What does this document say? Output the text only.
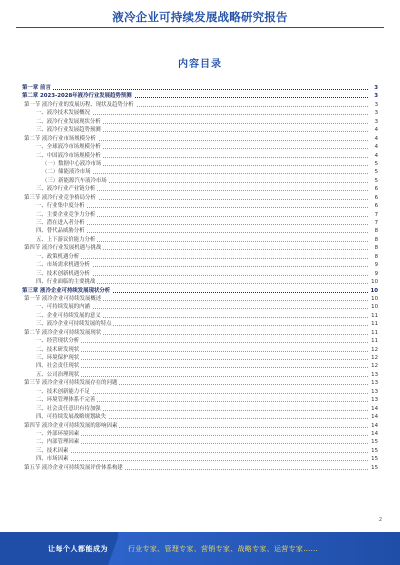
液冷企业可持续发展战略研究报告
内容目录
第一章 前言	3
第二章 2023-2028年液冷行业发展趋势预测	3
第一节 液冷行业的发展历程、现状及趋势分析	3
一、液冷技术发展概况	3
二、液冷行业发展现状分析	3
三、液冷行业发展趋势预测	4
第二节 液冷行业市场规模分析	4
一、全球液冷市场规模分析	4
二、中国液冷市场规模分析	4
（一）数据中心液冷市场	5
（二）储能液冷市场	5
（三）新能源汽车液冷市场	5
三、液冷行业产业链分析	6
第三节 液冷行业竞争格局分析	6
一、行业集中度分析	6
二、主要企业竞争力分析	7
三、潜在进入者分析	7
四、替代品威胁分析	8
五、上下游议价能力分析	8
第四节 液冷行业发展机遇与挑战	8
一、政策机遇分析	8
二、市场需求机遇分析	9
三、技术创新机遇分析	9
四、行业面临的主要挑战	10
第三章 液冷企业可持续发展现状分析	10
第一节 液冷企业可持续发展概述	10
一、可持续发展的内涵	10
二、企业可持续发展的意义	11
三、液冷企业可持续发展的特点	11
第二节 液冷企业可持续发展现状	11
一、经营现状分析	11
二、技术研发现状	12
三、环境保护现状	12
四、社会责任现状	12
五、公司治理现状	13
第三节 液冷企业可持续发展存在的问题	13
一、技术创新能力不足	13
二、环境管理体系不完善	13
三、社会责任意识有待加强	14
四、可持续发展战略规划缺失	14
第四节 液冷企业可持续发展的影响因素	14
一、外部环境因素	14
二、内部管理因素	15
三、技术因素	15
四、市场因素	15
第五节 液冷企业可持续发展评价体系构建	15
2
让每个人都能成为	行业专家、管理专家、营销专家、战略专家、运营专家……
